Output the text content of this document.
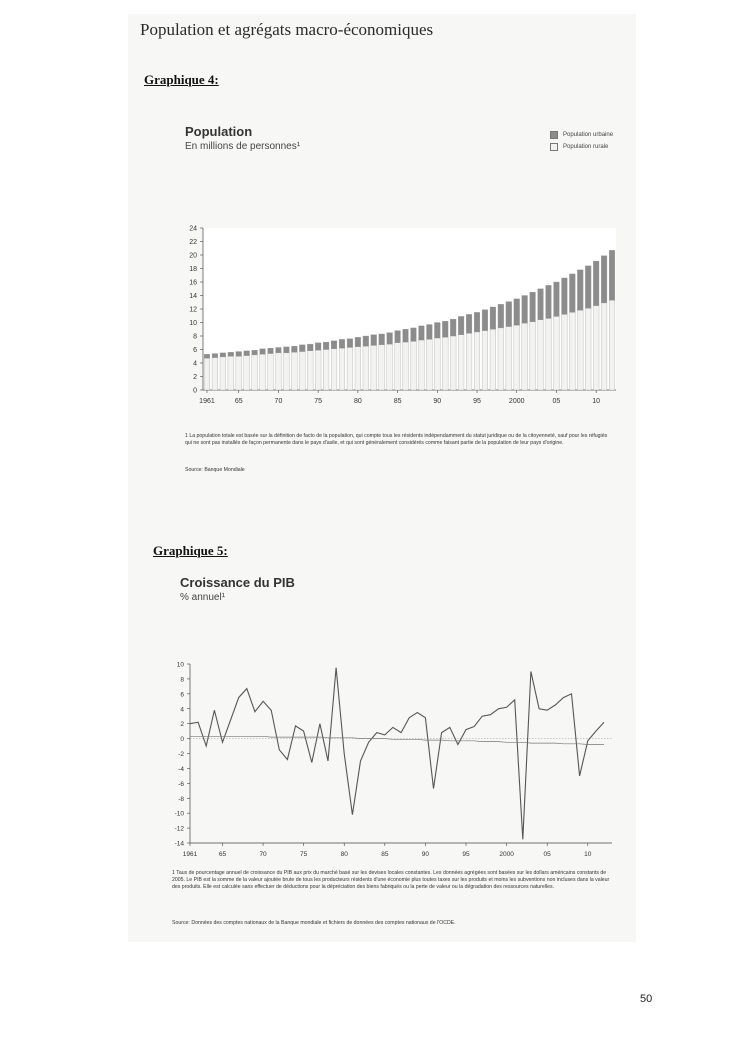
Population et agrégats macro-économiques
Graphique 4:
Population
En millions de personnes¹
Population urbaine
Population rurale
0
2
4
6
8
10
12
14
16
18
20
22
24
1961	65	70	75	80	85	90	95	2000	05	10
1 La population totale est basée sur la définition de facto de la population, qui compte tous les résidents indépendamment du statut juridique ou de la citoyenneté, sauf pour les réfugiés qui ne sont pas installés de façon permanente dans le pays d'asile, et qui sont généralement considérés comme faisant partie de la population de leur pays d'origine.
Source: Banque Mondiale
Graphique 5:
Croissance du PIB
% annuel¹
10
8
6
4
2
0
-2
-4
-6
-8
-10
-12
-14
1961	65	70	75	80	85	90	95	2000	05	10
1 Taux de pourcentage annuel de croissance du PIB aux prix du marché basé sur les devises locales constantes. Les données agrégées sont basées sur les dollars américains constants de 2005. Le PIB est la somme de la valeur ajoutée brute de tous les producteurs résidents d'une économie plus toutes taxes sur les produits et moins les subventions non incluses dans la valeur des produits. Elle est calculée sans effectuer de déductions pour la dépréciation des biens fabriqués ou la perte de valeur ou la dégradation des ressources naturelles.
Source: Données des comptes nationaux de la Banque mondiale et fichiers de données des comptes nationaux de l'OCDE.
50
